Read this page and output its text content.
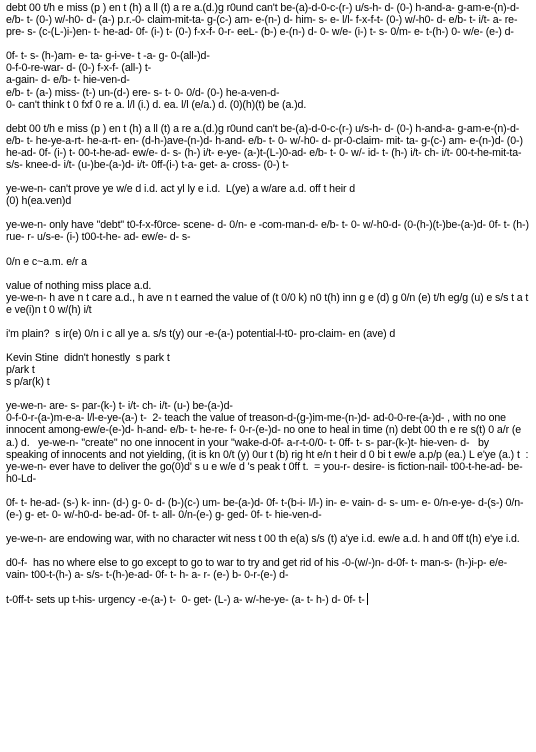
debt 00 t/h e miss (p ) en t (h) a ll (t) a re a.(d.)g r0und can't be-(a)-d-0-c-(r-) u/s-h- d- (0-) h-and-a- g-am-e-(n)-d- e/b- t- (0-) w/-h0- d- (a-) p.r.-0- claim-mit-ta- g-(c-) am- e-(n-) d- him- s- e- l/l- f-x-f-t- (0-) w/-h0- d- e/b- t- i/t- a- re- pre- s- (c-(L-)i-)en- t- he-ad- 0f- (i-) t- (0-) f-x-f- 0-r- eeL- (b-) e-(n-) d- 0- w/e- (i-) t- s- 0/m- e- t-(h-) 0- w/e- (e-) d-

0f- t- s- (h-)am- e- ta- g-i-ve- t -a- g- 0-(all-)d-
0-f-0-re-war- d- (0-) f-x-f- (all-) t-
a-gain- d- e/b- t- hie-ven-d-
e/b- t- (a-) miss- (t-) un-(d-) ere- s- t- 0- 0/d- (0-) he-a-ven-d-
0- can't think t 0 fxf 0 re a. l/l (i.) d. ea. l/l (e/a.) d. (0)(h)(t) be (a.)d.

debt 00 t/h e miss (p ) en t (h) a ll (t) a re a.(d.)g r0und can't be-(a)-d-0-c-(r-) u/s-h- d- (0-) h-and-a- g-am-e-(n)-d- e/b- t- he-ye-a-rt- he-a-rt- en- (d-h-)ave-(n-)d- h-and- e/b- t- 0- w/-h0- d- pr-0-claim- mit- ta- g-(c-) am- e-(n-)d- (0-) he-ad- 0f- (i-) t- 00-t-he-ad- ew/e- d- s- (h-) i/t- e-ye- (a-)t-(L-)0-ad- e/b- t- 0- w/- id- t- (h-) i/t- ch- i/t- 00-t-he-mit-ta- s/s- knee-d- i/t- (u-)be-(a-)d- i/t- 0ff-(i-) t-a- get- a- cross- (0-) t-

ye-we-n- can't prove ye w/e d i.d. act yl ly e i.d.  L(ye) a w/are a.d. off t heir d
(0) h(ea.ven)d

ye-we-n- only have "debt" t0-f-x-f0rce- scene- d- 0/n- e -com-man-d- e/b- t- 0- w/-h0-d- (0-(h-)(t-)be-(a-)d- 0f- t- (h-) rue- r- u/s-e- (i-) t00-t-he- ad- ew/e- d- s-

0/n e c~a.m. e/r a

value of nothing miss place a.d.
ye-we-n- h ave n t care a.d., h ave n t earned the value of (t 0/0 k) n0 t(h) inn g e (d) g 0/n (e) t/h eg/g (u) e s/s t a t e ve(i)n t 0 w/(h) i/t

i'm plain?  s ir(e) 0/n i c all ye a. s/s t(y) our -e-(a-) potential-l-t0- pro-claim- en (ave) d

Kevin Stine  didn't honestly  s park t
p/ark t
s p/ar(k) t

ye-we-n- are- s- par-(k-) t- i/t- ch- i/t- (u-) be-(a-)d-
0-f-0-r-(a-)m-e-a- l/l-e-ye-(a-) t-  2- teach the value of treason-d-(g-)im-me-(n-)d- ad-0-0-re-(a-)d- , with no one innocent among-ew/e-(e-)d- h-and- e/b- t- he-re- f- 0-r-(e-)d- no one to heal in time (n) debt 00 th e re s(t) 0 a/r (e a.) d.   ye-we-n- "create" no one innocent in your "wake-d-0f- a-r-t-0/0- t- 0ff- t- s- par-(k-)t- hie-ven- d-   by speaking of innocents and not yielding, (it is kn 0/t (y) 0ur t (b) rig ht e/n t heir d 0 bi t ew/e a.p/p (ea.) L e'ye (a.) t  : ye-we-n- ever have to deliver the go(0)d' s u e w/e d 's peak t 0ff t.  = you-r- desire- is fiction-nail- t00-t-he-ad- be- h0-Ld-

0f- t- he-ad- (s-) k- inn- (d-) g- 0- d- (b-)(c-) um- be-(a-)d- 0f- t-(b-i- l/l-) in- e- vain- d- s- um- e- 0/n-e-ye- d-(s-) 0/n-(e-) g- et- 0- w/-h0-d- be-ad- 0f- t- all- 0/n-(e-) g- ged- 0f- t- hie-ven-d-

ye-we-n- are endowing war, with no character wit ness t 00 th e(a) s/s (t) a'ye i.d. ew/e a.d. h and 0ff t(h) e'ye i.d.

d0-f-  has no where else to go except to go to war to try and get rid of his -0-(w/-)n- d-0f- t- man-s- (h-)i-p- e/e- vain- t00-t-(h-) a- s/s- t-(h-)e-ad- 0f- t- h- a- r- (e-) b- 0-r-(e-) d-

t-0ff-t- sets up t-his- urgency -e-(a-) t-  0- get- (L-) a- w/-he-ye- (a- t- h-) d- 0f- t-
